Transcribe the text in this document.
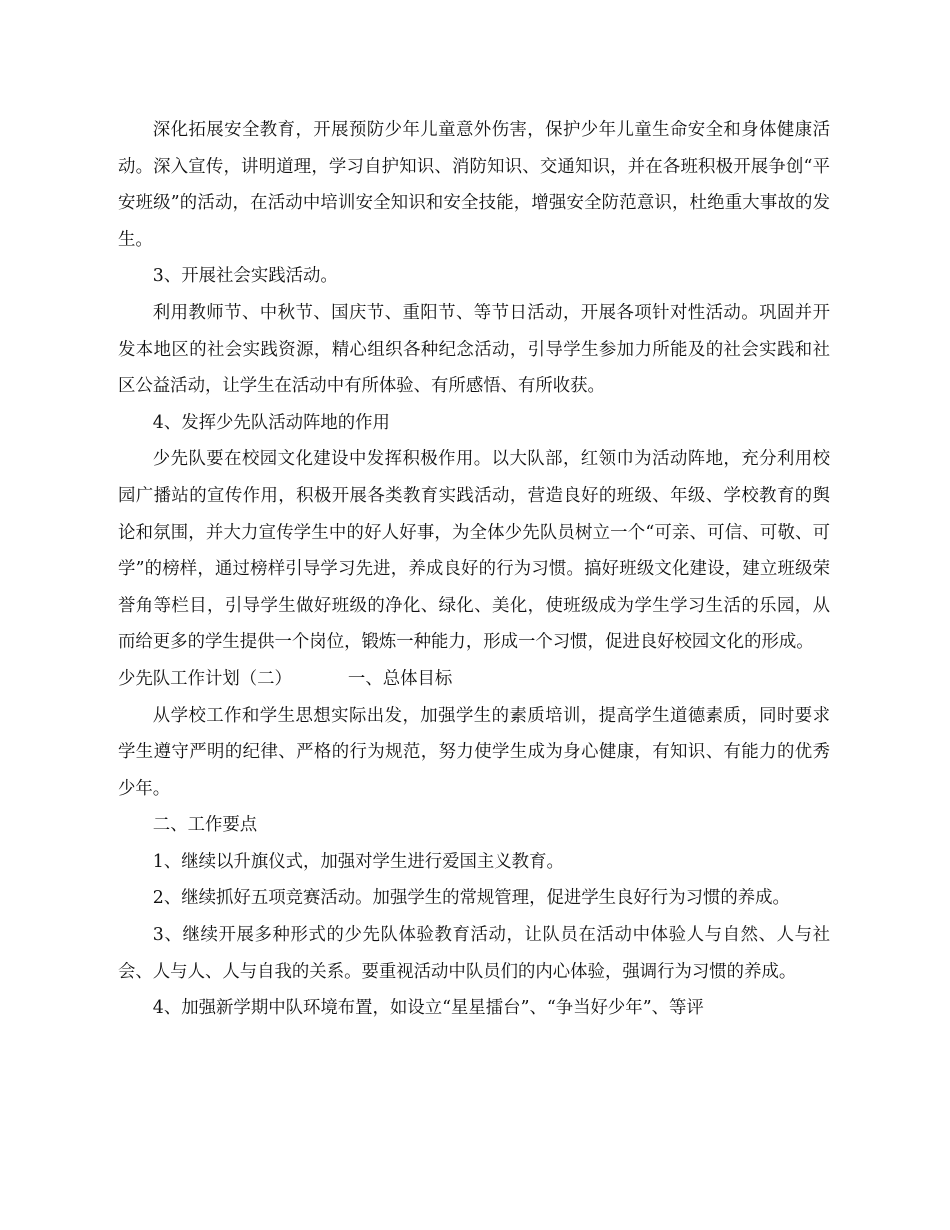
深化拓展安全教育，开展预防少年儿童意外伤害，保护少年儿童生命安全和身体健康活动。深入宣传，讲明道理，学习自护知识、消防知识、交通知识，并在各班积极开展争创“平安班级”的活动，在活动中培训安全知识和安全技能，增强安全防范意识，杜绝重大事故的发生。

3、开展社会实践活动。

利用教师节、中秋节、国庆节、重阳节、等节日活动，开展各项针对性活动。巩固并开发本地区的社会实践资源，精心组织各种纪念活动，引导学生参加力所能及的社会实践和社区公益活动，让学生在活动中有所体验、有所感悟、有所收获。

4、发挥少先队活动阵地的作用

少先队要在校园文化建设中发挥积极作用。以大队部，红领巾为活动阵地，充分利用校园广播站的宣传作用，积极开展各类教育实践活动，营造良好的班级、年级、学校教育的舆论和氛围，并大力宣传学生中的好人好事，为全体少先队员树立一个“可亲、可信、可敬、可学”的榜样，通过榜样引导学习先进，养成良好的行为习惯。搞好班级文化建设，建立班级荣誉角等栏目，引导学生做好班级的净化、绿化、美化，使班级成为学生学习生活的乐园，从而给更多的学生提供一个岗位，锻炼一种能力，形成一个习惯，促进良好校园文化的形成。

少先队工作计划（二）	一、总体目标

从学校工作和学生思想实际出发，加强学生的素质培训，提高学生道德素质，同时要求学生遵守严明的纪律、严格的行为规范，努力使学生成为身心健康，有知识、有能力的优秀少年。

二、工作要点

1、继续以升旗仪式，加强对学生进行爱国主义教育。

2、继续抓好五项竞赛活动。加强学生的常规管理，促进学生良好行为习惯的养成。

3、继续开展多种形式的少先队体验教育活动，让队员在活动中体验人与自然、人与社会、人与人、人与自我的关系。要重视活动中队员们的内心体验，强调行为习惯的养成。

4、加强新学期中队环境布置，如设立“星星擂台”、“争当好少年”、等评
